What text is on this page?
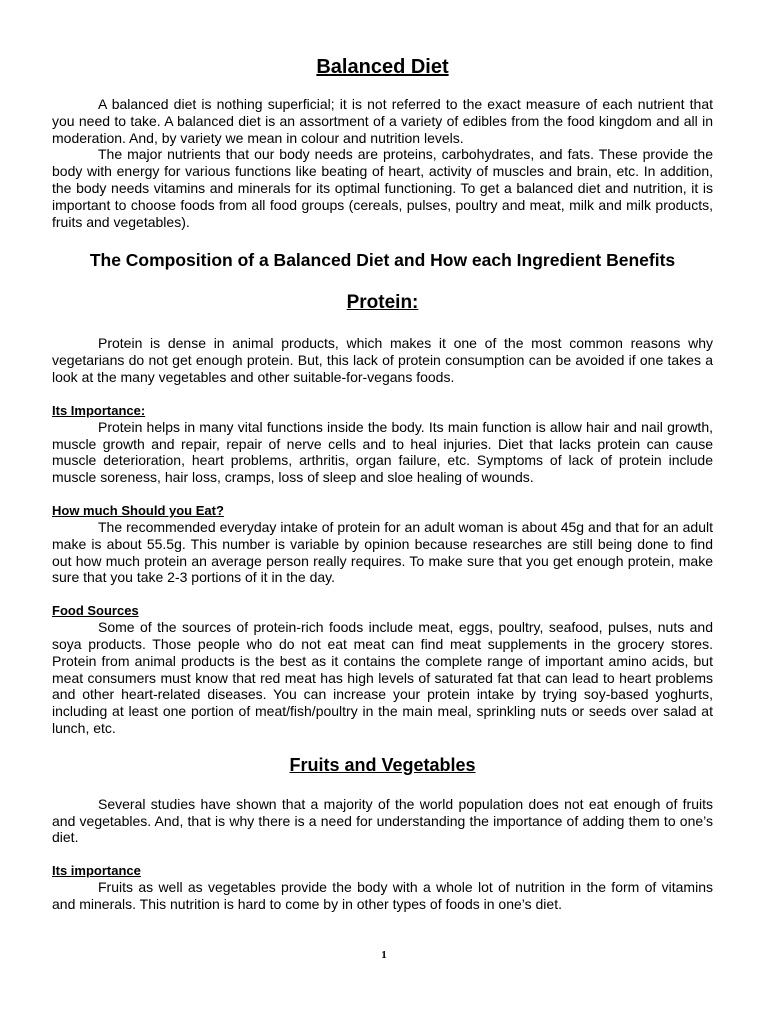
Balanced Diet

A balanced diet is nothing superficial; it is not referred to the exact measure of each nutrient that you need to take. A balanced diet is an assortment of a variety of edibles from the food kingdom and all in moderation. And, by variety we mean in colour and nutrition levels.

The major nutrients that our body needs are proteins, carbohydrates, and fats. These provide the body with energy for various functions like beating of heart, activity of muscles and brain, etc. In addition, the body needs vitamins and minerals for its optimal functioning. To get a balanced diet and nutrition, it is important to choose foods from all food groups (cereals, pulses, poultry and meat, milk and milk products, fruits and vegetables).

The Composition of a Balanced Diet and How each Ingredient Benefits
Protein:

Protein is dense in animal products, which makes it one of the most common reasons why vegetarians do not get enough protein. But, this lack of protein consumption can be avoided if one takes a look at the many vegetables and other suitable-for-vegans foods.

Its Importance:

Protein helps in many vital functions inside the body. Its main function is allow hair and nail growth, muscle growth and repair, repair of nerve cells and to heal injuries. Diet that lacks protein can cause muscle deterioration, heart problems, arthritis, organ failure, etc. Symptoms of lack of protein include muscle soreness, hair loss, cramps, loss of sleep and sloe healing of wounds.

How much Should you Eat?

The recommended everyday intake of protein for an adult woman is about 45g and that for an adult make is about 55.5g. This number is variable by opinion because researches are still being done to find out how much protein an average person really requires. To make sure that you get enough protein, make sure that you take 2-3 portions of it in the day.

Food Sources

Some of the sources of protein-rich foods include meat, eggs, poultry, seafood, pulses, nuts and soya products. Those people who do not eat meat can find meat supplements in the grocery stores. Protein from animal products is the best as it contains the complete range of important amino acids, but meat consumers must know that red meat has high levels of saturated fat that can lead to heart problems and other heart-related diseases. You can increase your protein intake by trying soy-based yoghurts, including at least one portion of meat/fish/poultry in the main meal, sprinkling nuts or seeds over salad at lunch, etc.

Fruits and Vegetables

Several studies have shown that a majority of the world population does not eat enough of fruits and vegetables. And, that is why there is a need for understanding the importance of adding them to one’s diet.

Its importance

Fruits as well as vegetables provide the body with a whole lot of nutrition in the form of vitamins and minerals. This nutrition is hard to come by in other types of foods in one’s diet.

1
